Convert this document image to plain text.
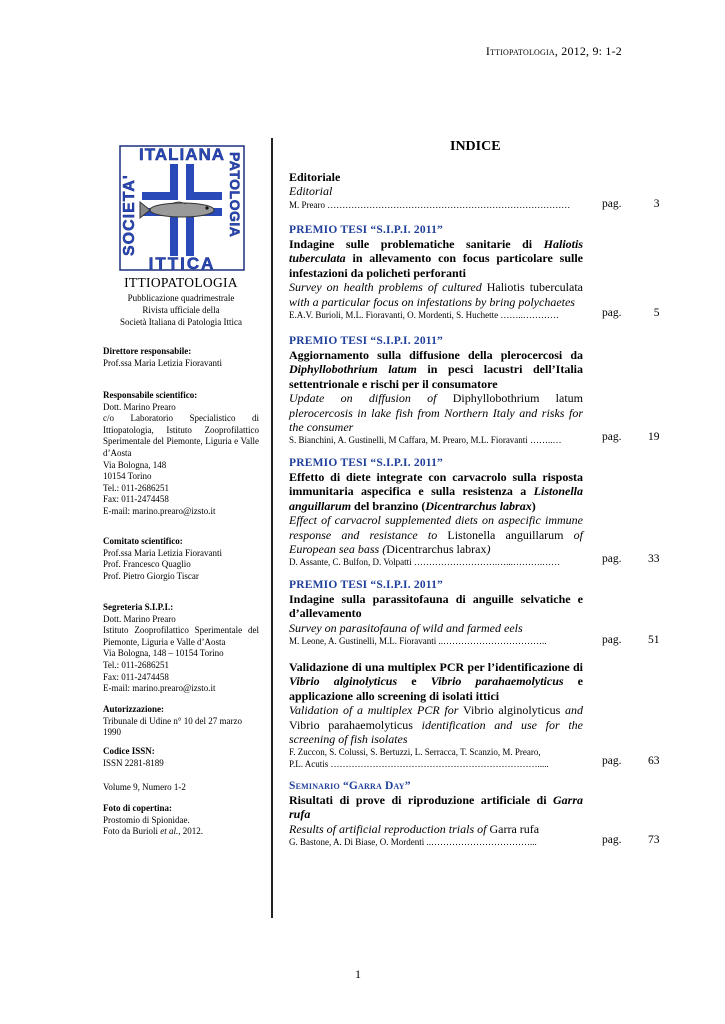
Ittiopatologia, 2012, 9: 1-2
ITALIANA
ITTICA
SOCIETA'	PATOLOGIA
ITTIOPATOLOGIA
Pubblicazione quadrimestrale
Rivista ufficiale della
Società Italiana di Patologia Ittica
Direttore responsabile:
Prof.ssa Maria Letizia Fioravanti
Responsabile scientifico:
Dott. Marino Prearo
c/o Laboratorio Specialistico di Ittiopatologia, Istituto Zooprofilattico Sperimentale del Piemonte, Liguria e Valle d’Aosta
Via Bologna, 148
10154 Torino
Tel.: 011-2686251
Fax: 011-2474458
E-mail: marino.prearo@izsto.it
Comitato scientifico:
Prof.ssa Maria Letizia Fioravanti
Prof. Francesco Quaglio
Prof. Pietro Giorgio Tiscar
Segreteria S.I.P.I.:
Dott. Marino Prearo
Istituto Zooprofilattico Sperimentale del Piemonte, Liguria e Valle d’Aosta
Via Bologna, 148 – 10154 Torino
Tel.: 011-2686251
Fax: 011-2474458
E-mail: marino.prearo@izsto.it
Autorizzazione:
Tribunale di Udine n° 10 del 27 marzo 1990
Codice ISSN:
ISSN 2281-8189
Volume 9, Numero 1-2
Foto di copertina:
Prostomio di Spionidae.
Foto da Burioli et al., 2012.
INDICE
Editoriale
Editorial
M. Prearo ………………………………………………………………………	pag.	3
PREMIO TESI “S.I.P.I. 2011”
Indagine sulle problematiche sanitarie di Haliotis tuberculata in allevamento con focus particolare sulle infestazioni da policheti perforanti
Survey on health problems of cultured Haliotis tuberculata with a particular focus on infestations by bring polychaetes
E.A.V. Burioli, M.L. Fioravanti, O. Mordenti, S. Huchette ……..…………	pag.	5
PREMIO TESI “S.I.P.I. 2011”
Aggiornamento sulla diffusione della plerocercosi da Diphyllobothrium latum in pesci lacustri dell’Italia settentrionale e rischi per il consumatore
Update on diffusion of Diphyllobothrium latum plerocercosis in lake fish from Northern Italy and risks for the consumer
S. Bianchini, A. Gustinelli, M Caffara, M. Prearo, M.L. Fioravanti ……..…	pag. 19
PREMIO TESI “S.I.P.I. 2011”
Effetto di diete integrate con carvacrolo sulla risposta immunitaria aspecifica e sulla resistenza a Listonella anguillarum del branzino (Dicentrarchus labrax)
Effect of carvacrol supplemented diets on aspecific immune response and resistance to Listonella anguillarum of European sea bass (Dicentrarchus labrax)
D. Assante, C. Bulfon, D. Volpatti ……………………….…...……….……	pag. 33
PREMIO TESI “S.I.P.I. 2011”
Indagine sulla parassitofauna di anguille selvatiche e d’allevamento
Survey on parasitofauna of wild and farmed eels
M. Leone, A. Gustinelli, M.L. Fioravanti ..……………………………..	pag. 51
Validazione di una multiplex PCR per l’identificazione di Vibrio alginolyticus e Vibrio parahaemolyticus e applicazione allo screening di isolati ittici
Validation of a multiplex PCR for Vibrio alginolyticus and Vibrio parahaemolyticus identification and use for the screening of fish isolates
F. Zuccon, S. Colussi, S. Bertuzzi, L. Serracca, T. Scanzio, M. Prearo,
P.L. Acutis …………………………………………………………….....	pag. 63
Seminario “Garra Day”
Risultati di prove di riproduzione artificiale di Garra rufa
Results of artificial reproduction trials of Garra rufa
G. Bastone, A. Di Biase, O. Mordenti ..……………………………...	pag. 73
1
